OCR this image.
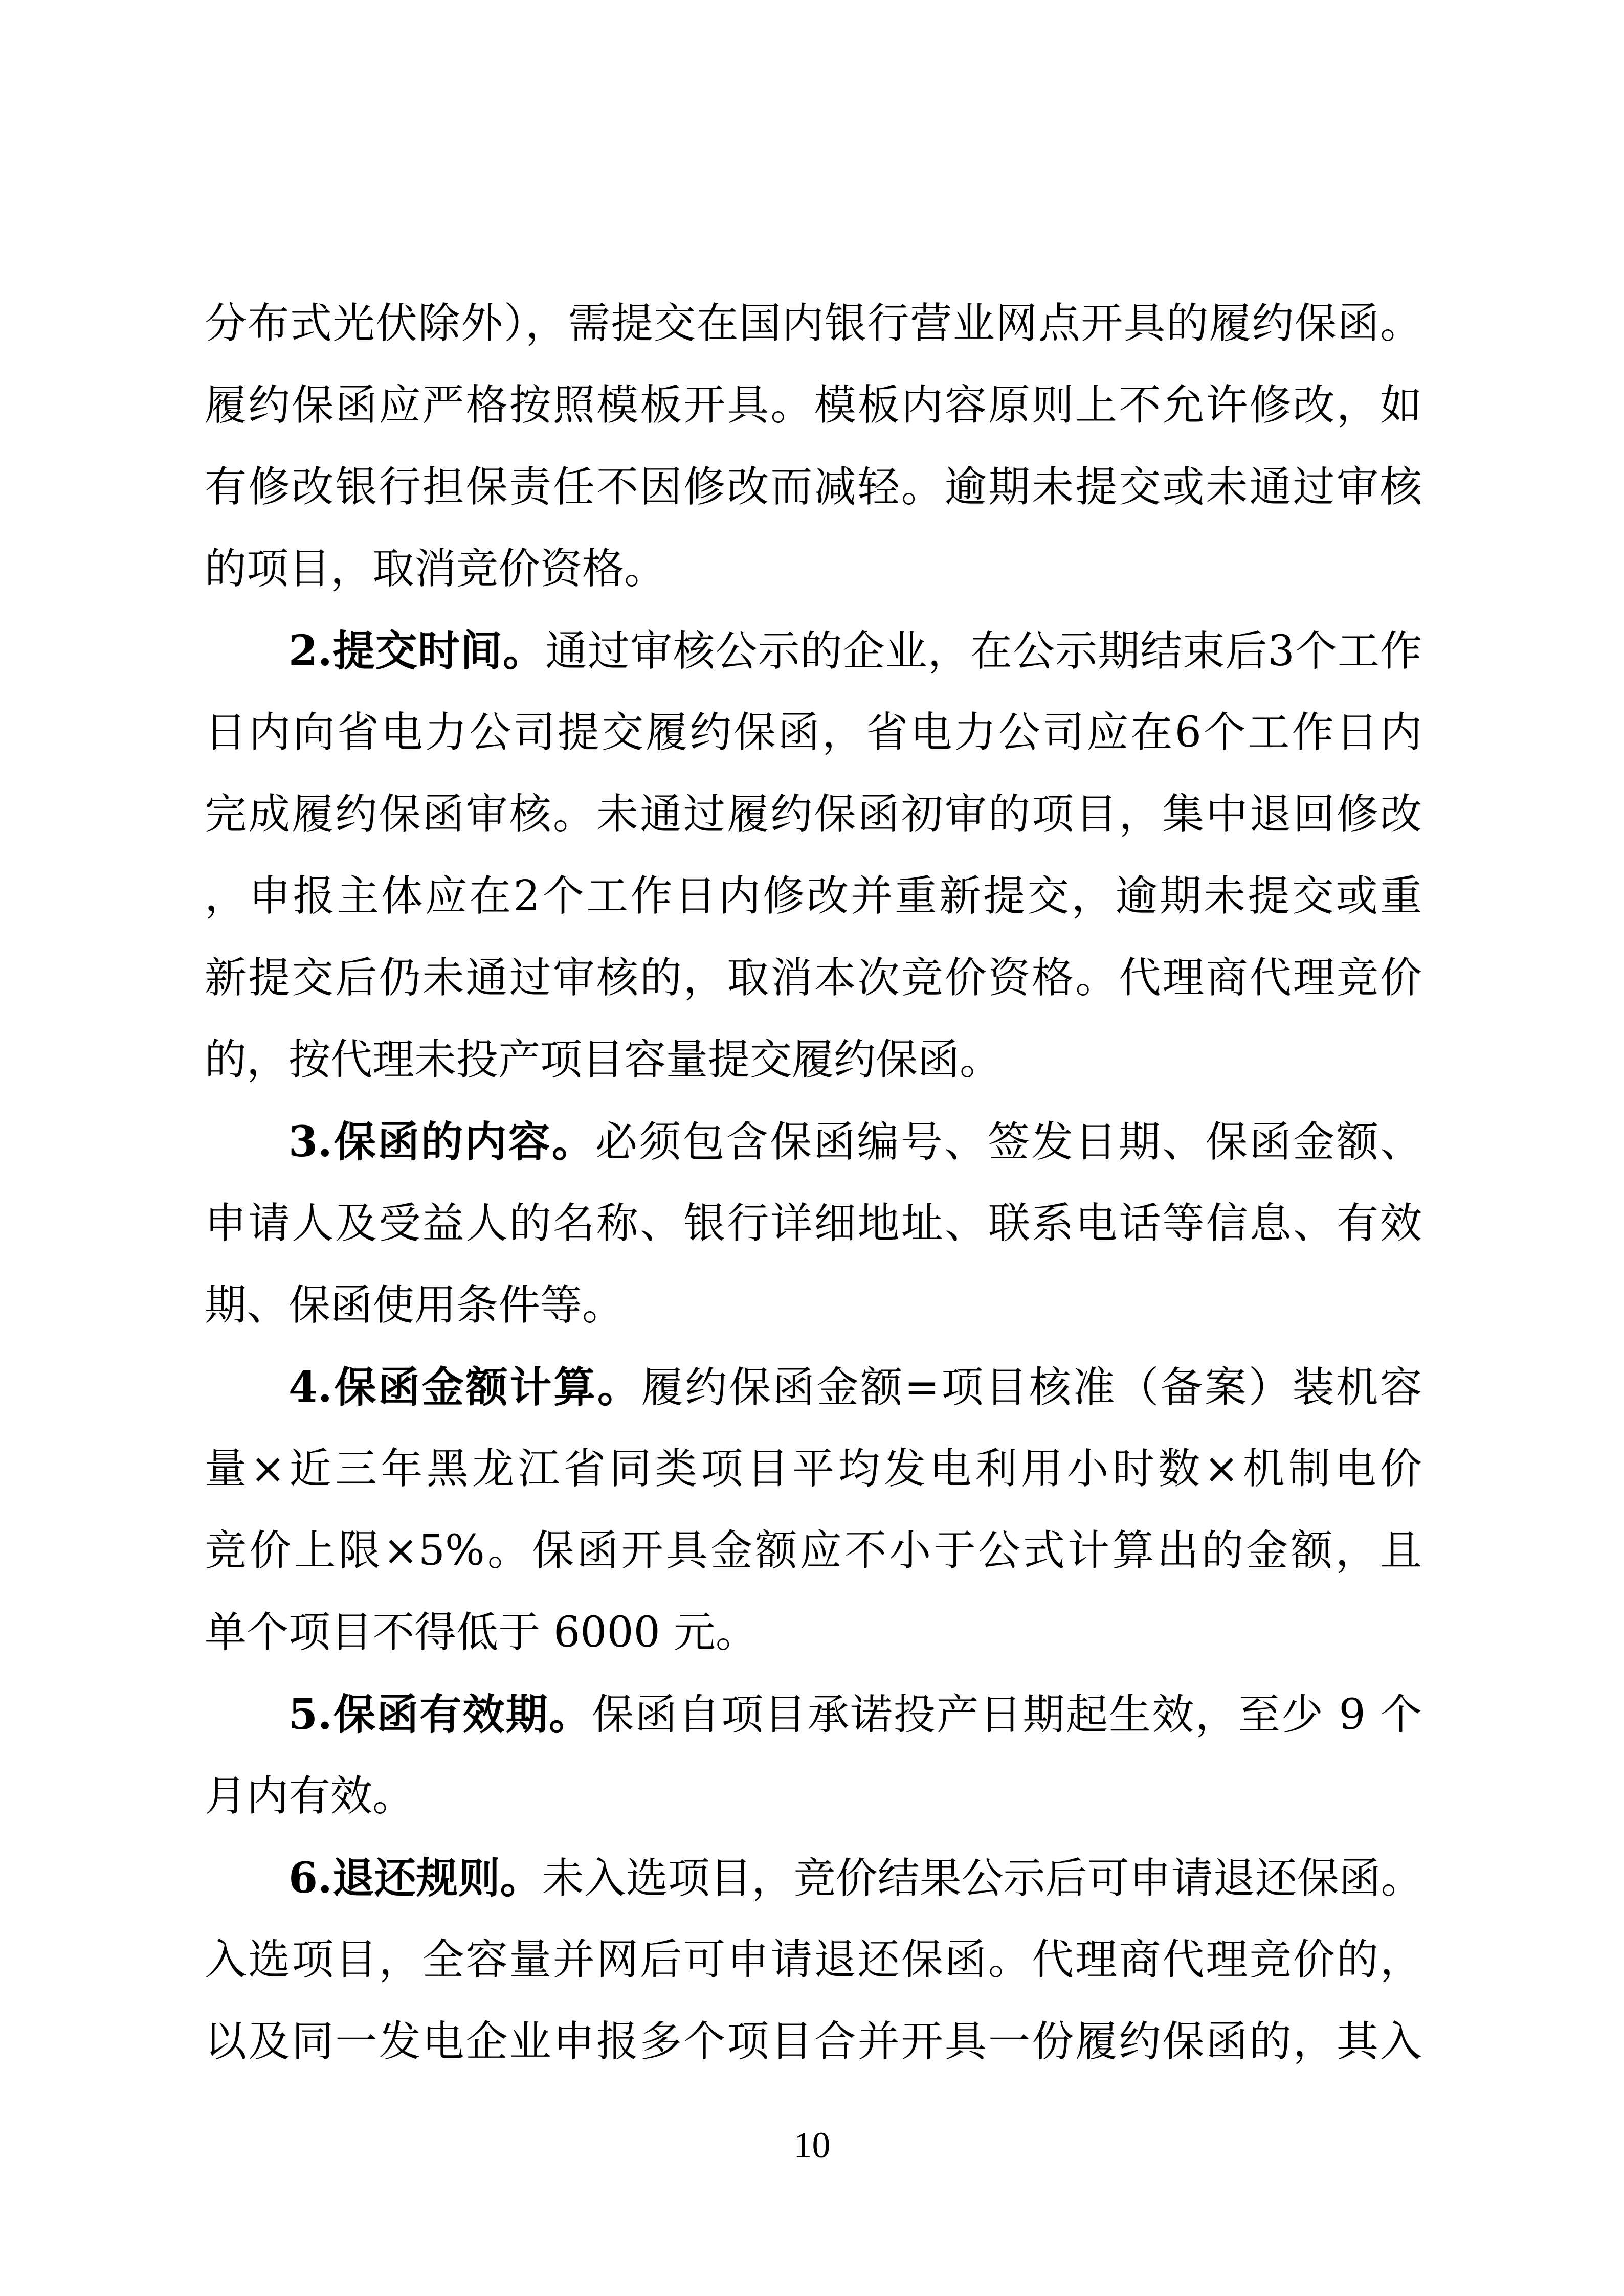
分布式光伏除外），需提交在国内银行营业网点开具的履约保函。
履约保函应严格按照模板开具。模板内容原则上不允许修改，如
有修改银行担保责任不因修改而减轻。逾期未提交或未通过审核
的项目，取消竞价资格。
2.提交时间。通过审核公示的企业，在公示期结束后3个工作
日内向省电力公司提交履约保函，省电力公司应在6个工作日内
完成履约保函审核。未通过履约保函初审的项目，集中退回修改
，申报主体应在2个工作日内修改并重新提交，逾期未提交或重
新提交后仍未通过审核的，取消本次竞价资格。代理商代理竞价
的，按代理未投产项目容量提交履约保函。
3.保函的内容。必须包含保函编号、签发日期、保函金额、
申请人及受益人的名称、银行详细地址、联系电话等信息、有效
期、保函使用条件等。
4.保函金额计算。履约保函金额=项目核准（备案）装机容
量×近三年黑龙江省同类项目平均发电利用小时数×机制电价
竞价上限×5%。保函开具金额应不小于公式计算出的金额，且
单个项目不得低于 6000 元。
5.保函有效期。保函自项目承诺投产日期起生效，至少 9 个
月内有效。
6.退还规则。未入选项目，竞价结果公示后可申请退还保函。
入选项目，全容量并网后可申请退还保函。代理商代理竞价的，
以及同一发电企业申报多个项目合并开具一份履约保函的，其入
10
